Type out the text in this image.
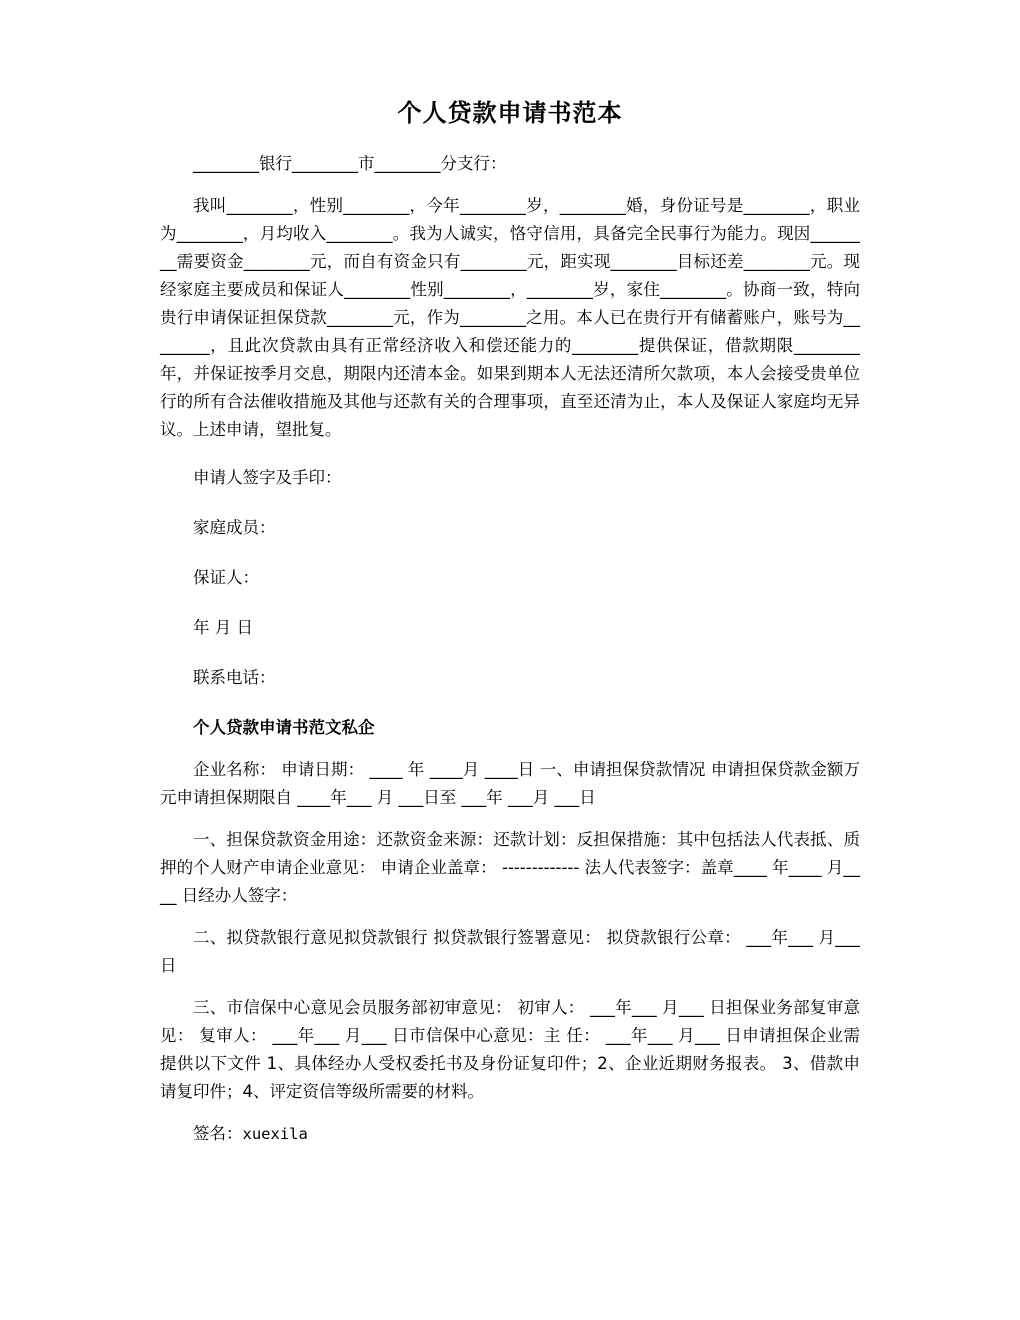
个人贷款申请书范本

________银行________市________分支行：

我叫________，性别________，今年________岁，________婚，身份证号是________，职业为________，月均收入________。我为人诚实，恪守信用，具备完全民事行为能力。现因________需要资金________元，而自有资金只有________元，距实现________目标还差________元。现经家庭主要成员和保证人________性别________，________岁，家住________。协商一致，特向贵行申请保证担保贷款________元，作为________之用。本人已在贵行开有储蓄账户，账号为________，且此次贷款由具有正常经济收入和偿还能力的________提供保证，借款期限________年，并保证按季月交息，期限内还清本金。如果到期本人无法还清所欠款项，本人会接受贵单位行的所有合法催收措施及其他与还款有关的合理事项，直至还清为止，本人及保证人家庭均无异议。上述申请，望批复。

申请人签字及手印：

家庭成员：

保证人：

年 月 日

联系电话：

个人贷款申请书范文私企

企业名称： 申请日期： ____ 年 ____月 ____日 一、申请担保贷款情况 申请担保贷款金额万元申请担保期限自 ____年___ 月 ___日至 ___年 ___月 ___日

一、担保贷款资金用途：还款资金来源：还款计划：反担保措施：其中包括法人代表抵、质押的个人财产申请企业意见： 申请企业盖章： ------------- 法人代表签字：盖章____ 年____ 月____ 日经办人签字：

二、拟贷款银行意见拟贷款银行 拟贷款银行签署意见： 拟贷款银行公章： ___年___ 月___ 日

三、市信保中心意见会员服务部初审意见： 初审人： ___年___ 月___ 日担保业务部复审意见： 复审人： ___年___ 月___ 日市信保中心意见：主 任： ___年___ 月___ 日申请担保企业需提供以下文件 1、具体经办人受权委托书及身份证复印件；2、企业近期财务报表。 3、借款申请复印件；4、评定资信等级所需要的材料。

签名：xuexila
